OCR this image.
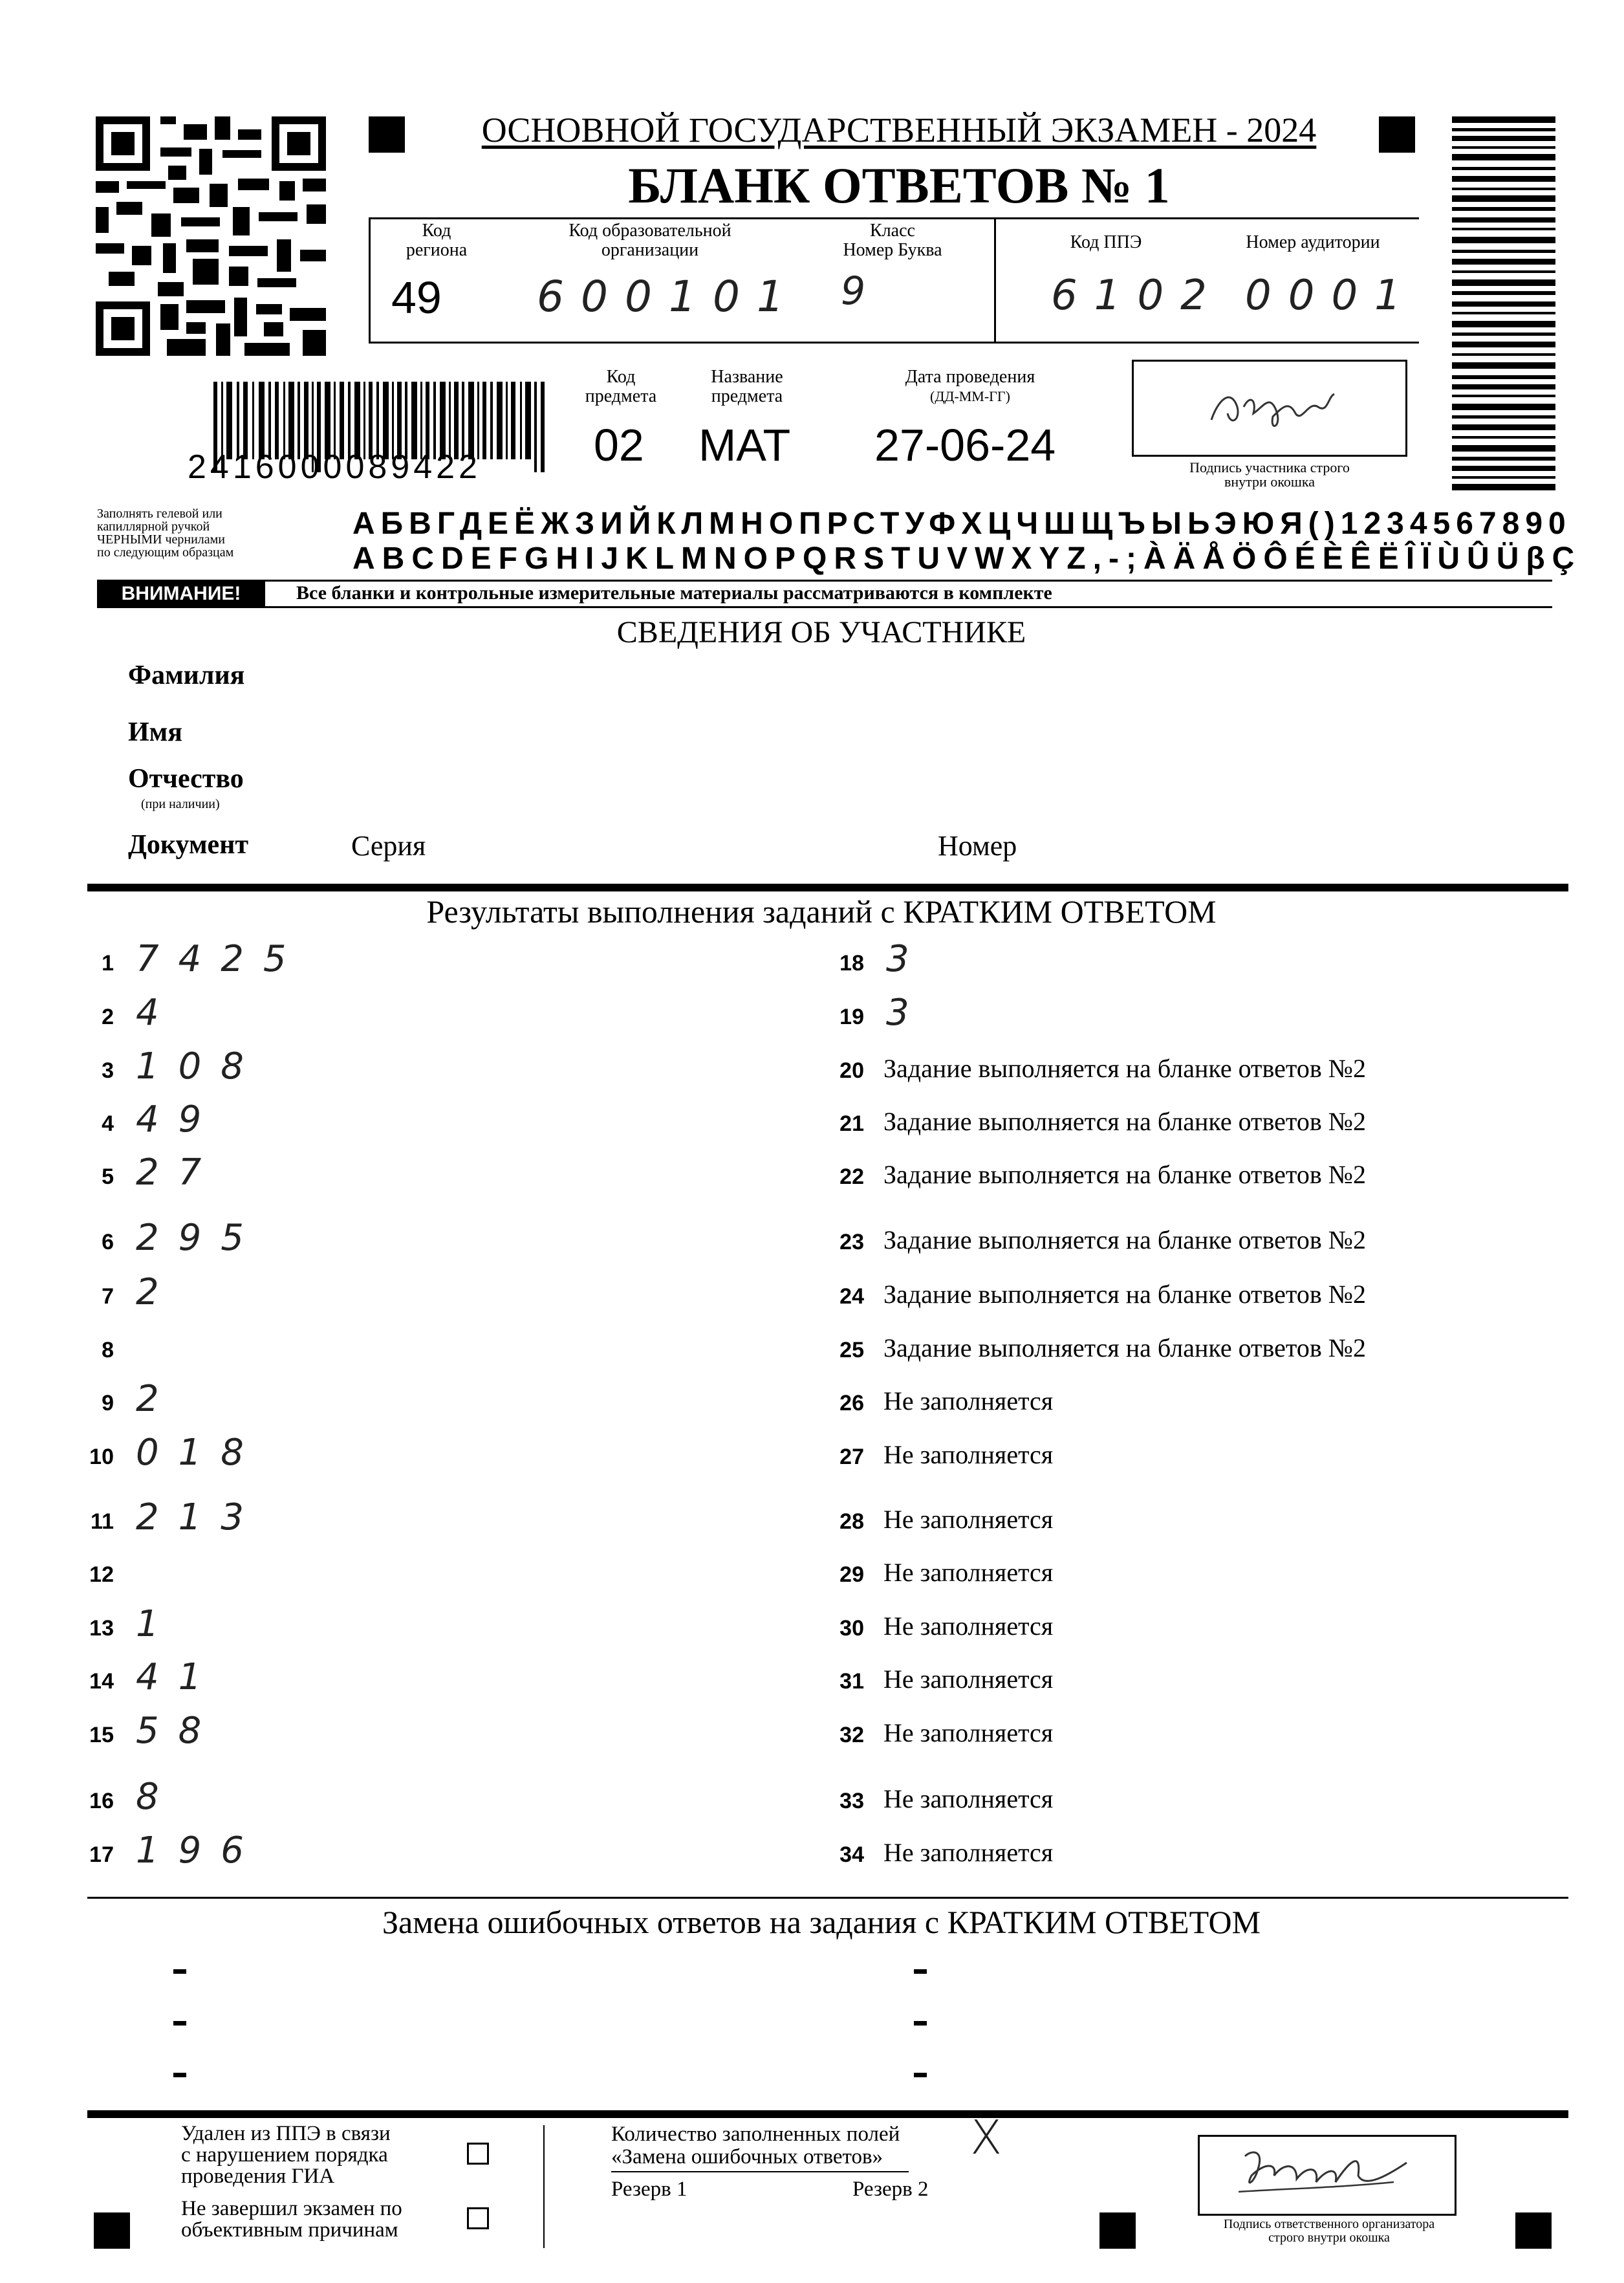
ОСНОВНОЙ ГОСУДАРСТВЕННЫЙ ЭКЗАМЕН - 2024
БЛАНК ОТВЕТОВ № 1
Код
региона
49
Код образовательной
организации
600101
Класс
Номер Буква
9
Код ППЭ
6102
Номер аудитории
0001
2416000089422
Код
предмета
02
Название
предмета
МАТ
Дата проведения
(ДД-ММ-ГГ)
27-06-24	Подпись участника строго
внутри окошка
Заполнять гелевой или
капиллярной ручкой
ЧЕРНЫМИ чернилами
по следующим образцам
АБВГДЕЁЖЗИЙКЛМНОПРСТУФХЦЧШЩЪЫЬЭЮЯ()1234567890
ABCDEFGHIJKLMNOPQRSTUVWXYZ,-;ÀÄÅÖÔÉÈÊËÎÏÙÛÜβÇ
ВНИМАНИЕ!	Все бланки и контрольные измерительные материалы рассматриваются в комплекте
СВЕДЕНИЯ ОБ УЧАСТНИКЕ
Фамилия
Имя
Отчество
(при наличии)
Документ	Серия	Номер
Результаты выполнения заданий с КРАТКИМ ОТВЕТОМ
1 7425
2 4
3 108
4 49
5 27
6 295
7 2
8
9 2
10 018
11 213
12
13 1
14 41
15 58
16 8
17 196
18 3
19 3
20 Задание выполняется на бланке ответов №2
21 Задание выполняется на бланке ответов №2
22 Задание выполняется на бланке ответов №2
23 Задание выполняется на бланке ответов №2
24 Задание выполняется на бланке ответов №2
25 Задание выполняется на бланке ответов №2
26 Не заполняется
27 Не заполняется
28 Не заполняется
29 Не заполняется
30 Не заполняется
31 Не заполняется
32 Не заполняется
33 Не заполняется
34 Не заполняется
Замена ошибочных ответов на задания с КРАТКИМ ОТВЕТОМ
Удален из ППЭ в связи
с нарушением порядка
проведения ГИА
Не завершил экзамен по
объективным причинам
Количество заполненных полей
«Замена ошибочных ответов»	X
Резерв 1	Резерв 2
Подпись ответственного организатора
строго внутри окошка
